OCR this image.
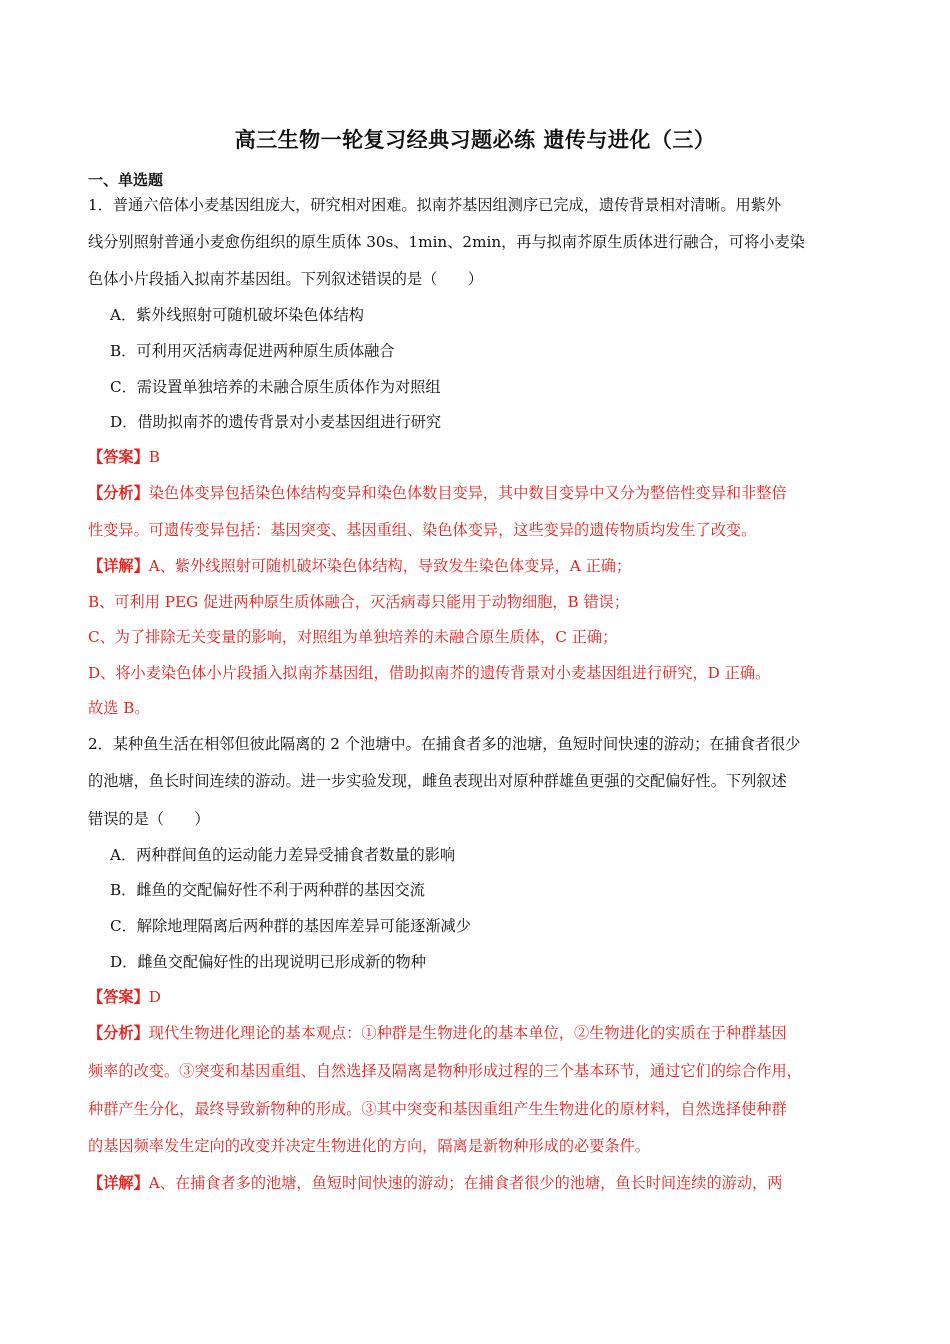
高三生物一轮复习经典习题必练 遗传与进化（三）
一、单选题
1．普通六倍体小麦基因组庞大，研究相对困难。拟南芥基因组测序已完成，遗传背景相对清晰。用紫外
线分别照射普通小麦愈伤组织的原生质体 30s、1min、2min，再与拟南芥原生质体进行融合，可将小麦染
色体小片段插入拟南芥基因组。下列叙述错误的是（　　）
A．紫外线照射可随机破坏染色体结构
B．可利用灭活病毒促进两种原生质体融合
C．需设置单独培养的未融合原生质体作为对照组
D．借助拟南芥的遗传背景对小麦基因组进行研究
【答案】B
【分析】染色体变异包括染色体结构变异和染色体数目变异，其中数目变异中又分为整倍性变异和非整倍
性变异。可遗传变异包括：基因突变、基因重组、染色体变异，这些变异的遗传物质均发生了改变。
【详解】A、紫外线照射可随机破坏染色体结构，导致发生染色体变异，A 正确；
B、可利用 PEG 促进两种原生质体融合，灭活病毒只能用于动物细胞，B 错误；
C、为了排除无关变量的影响，对照组为单独培养的未融合原生质体，C 正确；
D、将小麦染色体小片段插入拟南芥基因组，借助拟南芥的遗传背景对小麦基因组进行研究，D 正确。
故选 B。
2．某种鱼生活在相邻但彼此隔离的 2 个池塘中。在捕食者多的池塘，鱼短时间快速的游动；在捕食者很少
的池塘，鱼长时间连续的游动。进一步实验发现，雌鱼表现出对原种群雄鱼更强的交配偏好性。下列叙述
错误的是（　　）
A．两种群间鱼的运动能力差异受捕食者数量的影响
B．雌鱼的交配偏好性不利于两种群的基因交流
C．解除地理隔离后两种群的基因库差异可能逐渐减少
D．雌鱼交配偏好性的出现说明已形成新的物种
【答案】D
【分析】现代生物进化理论的基本观点：①种群是生物进化的基本单位，②生物进化的实质在于种群基因
频率的改变。③突变和基因重组、自然选择及隔离是物种形成过程的三个基本环节，通过它们的综合作用，
种群产生分化，最终导致新物种的形成。③其中突变和基因重组产生生物进化的原材料，自然选择使种群
的基因频率发生定向的改变并决定生物进化的方向，隔离是新物种形成的必要条件。
【详解】A、在捕食者多的池塘，鱼短时间快速的游动；在捕食者很少的池塘，鱼长时间连续的游动，两
